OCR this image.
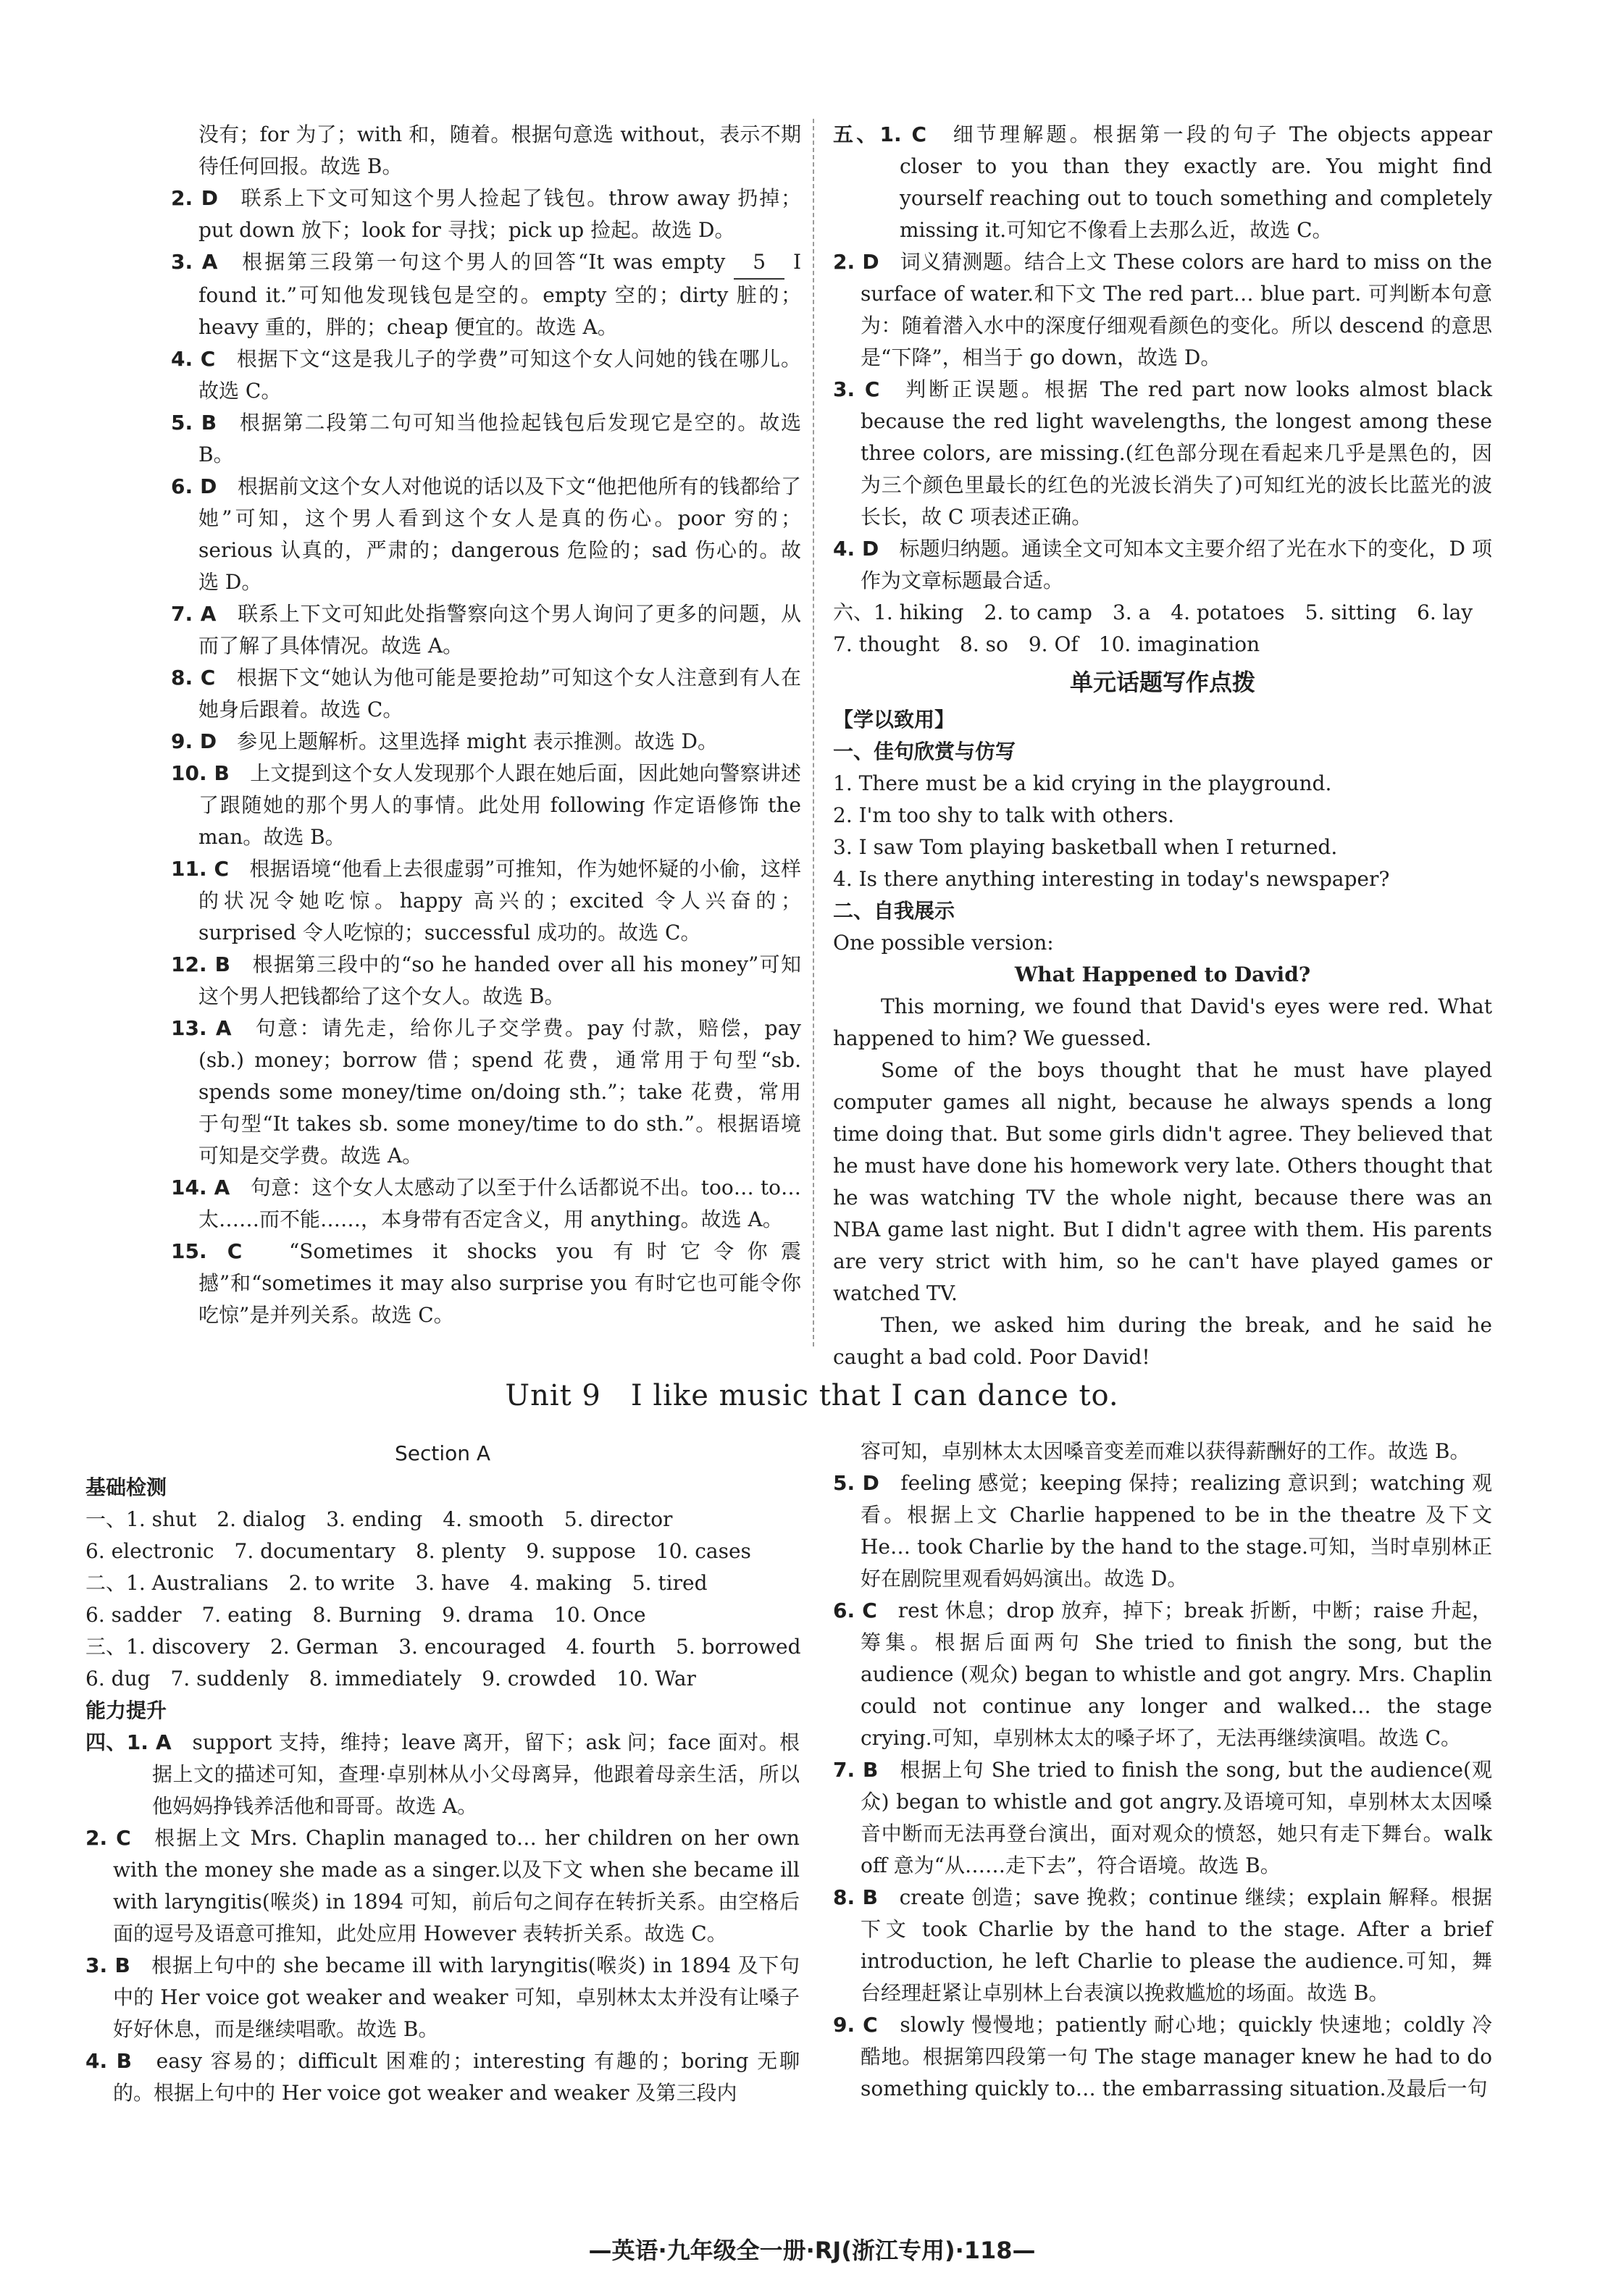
没有；for 为了；with 和，随着。根据句意选 without，表示不期待任何回报。故选 B。

2. D　 联系上下文可知这个男人捡起了钱包。throw away 扔掉；put down 放下；look for 寻找；pick up 捡起。故选 D。

3. A　 根据第三段第一句这个男人的回答“It was empty 5 I found it.”可知他发现钱包是空的。empty 空的；dirty 脏的；heavy 重的，胖的；cheap 便宜的。故选 A。

4. C　 根据下文“这是我儿子的学费”可知这个女人问她的钱在哪儿。故选 C。

5. B　 根据第二段第二句可知当他捡起钱包后发现它是空的。故选 B。

6. D　 根据前文这个女人对他说的话以及下文“他把他所有的钱都给了她”可知，这个男人看到这个女人是真的伤心。poor 穷的；serious 认真的，严肃的；dangerous 危险的；sad 伤心的。故选 D。

7. A　 联系上下文可知此处指警察向这个男人询问了更多的问题，从而了解了具体情况。故选 A。

8. C　 根据下文“她认为他可能是要抢劫”可知这个女人注意到有人在她身后跟着。故选 C。

9. D　 参见上题解析。这里选择 might 表示推测。故选 D。

10. B　 上文提到这个女人发现那个人跟在她后面，因此她向警察讲述了跟随她的那个男人的事情。此处用 following 作定语修饰 the man。故选 B。

11. C　 根据语境“他看上去很虚弱”可推知，作为她怀疑的小偷，这样的状况令她吃惊。happy 高兴的；excited 令人兴奋的；surprised 令人吃惊的；successful 成功的。故选 C。

12. B　 根据第三段中的“so he handed over all his money”可知这个男人把钱都给了这个女人。故选 B。

13. A　 句意：请先走，给你儿子交学费。pay 付款，赔偿，pay (sb.) money；borrow 借；spend 花费，通常用于句型“sb. spends some money/time on/doing sth.”；take 花费，常用于句型“It takes sb. some money/time to do sth.”。根据语境可知是交学费。故选 A。

14. A　 句意：这个女人太感动了以至于什么话都说不出。too… to… 太……而不能……，本身带有否定含义，用 anything。故选 A。

15. C　 “Sometimes it shocks you 有时它令你震撼”和“sometimes it may also surprise you 有时它也可能令你吃惊”是并列关系。故选 C。

五、1. C　 细节理解题。根据第一段的句子 The objects appear closer to you than they exactly are. You might find yourself reaching out to touch something and completely missing it.可知它不像看上去那么近，故选 C。

2. D　 词义猜测题。结合上文 These colors are hard to miss on the surface of water.和下文 The red part… blue part. 可判断本句意为：随着潜入水中的深度仔细观看颜色的变化。所以 descend 的意思是“下降”，相当于 go down，故选 D。

3. C　 判断正误题。根据 The red part now looks almost black because the red light wavelengths, the longest among these three colors, are missing.(红色部分现在看起来几乎是黑色的，因为三个颜色里最长的红色的光波长消失了)可知红光的波长比蓝光的波长长，故 C 项表述正确。

4. D　 标题归纳题。通读全文可知本文主要介绍了光在水下的变化，D 项作为文章标题最合适。

六、1. hiking　2. to camp　3. a　4. potatoes　5. sitting　6. lay

7. thought　8. so　9. Of　10. imagination

单元话题写作点拨

【学以致用】

一、佳句欣赏与仿写

1. There must be a kid crying in the playground.

2. I'm too shy to talk with others.

3. I saw Tom playing basketball when I returned.

4. Is there anything interesting in today's newspaper?

二、自我展示

One possible version:

What Happened to David?

This morning, we found that David's eyes were red. What happened to him? We guessed.

Some of the boys thought that he must have played computer games all night, because he always spends a long time doing that. But some girls didn't agree. They believed that he must have done his homework very late. Others thought that he was watching TV the whole night, because there was an NBA game last night. But I didn't agree with them. His parents are very strict with him, so he can't have played games or watched TV.

Then, we asked him during the break, and he said he caught a bad cold. Poor David!

Unit 9　I like music that I can dance to.

Section A

基础检测

一、1. shut　2. dialog　3. ending　4. smooth　5. director

6. electronic　7. documentary　8. plenty　9. suppose　10. cases

二、1. Australians　2. to write　3. have　4. making　5. tired

6. sadder　7. eating　8. Burning　9. drama　10. Once

三、1. discovery　2. German　3. encouraged　4. fourth　5. borrowed

6. dug　7. suddenly　8. immediately　9. crowded　10. War

能力提升

四、1. A　 support 支持，维持；leave 离开，留下；ask 问；face 面对。根据上文的描述可知，查理·卓别林从小父母离异，他跟着母亲生活，所以他妈妈挣钱养活他和哥哥。故选 A。

2. C　 根据上文 Mrs. Chaplin managed to… her children on her own with the money she made as a singer.以及下文 when she became ill with laryngitis(喉炎) in 1894 可知，前后句之间存在转折关系。由空格后面的逗号及语意可推知，此处应用 However 表转折关系。故选 C。

3. B　 根据上句中的 she became ill with laryngitis(喉炎) in 1894 及下句中的 Her voice got weaker and weaker 可知，卓别林太太并没有让嗓子好好休息，而是继续唱歌。故选 B。

4. B　 easy 容易的；difficult 困难的；interesting 有趣的；boring 无聊的。根据上句中的 Her voice got weaker and weaker 及第三段内

容可知，卓别林太太因嗓音变差而难以获得薪酬好的工作。故选 B。

5. D　 feeling 感觉；keeping 保持；realizing 意识到；watching 观看。根据上文 Charlie happened to be in the theatre 及下文 He… took Charlie by the hand to the stage.可知，当时卓别林正好在剧院里观看妈妈演出。故选 D。

6. C　 rest 休息；drop 放弃，掉下；break 折断，中断；raise 升起，筹集。根据后面两句 She tried to finish the song, but the audience (观众) began to whistle and got angry. Mrs. Chaplin could not continue any longer and walked… the stage crying.可知，卓别林太太的嗓子坏了，无法再继续演唱。故选 C。

7. B　 根据上句 She tried to finish the song, but the audience(观众) began to whistle and got angry.及语境可知，卓别林太太因嗓音中断而无法再登台演出，面对观众的愤怒，她只有走下舞台。walk off 意为“从……走下去”，符合语境。故选 B。

8. B　 create 创造；save 挽救；continue 继续；explain 解释。根据下文 took Charlie by the hand to the stage. After a brief introduction, he left Charlie to please the audience.可知，舞台经理赶紧让卓别林上台表演以挽救尴尬的场面。故选 B。

9. C　 slowly 慢慢地；patiently 耐心地；quickly 快速地；coldly 冷酷地。根据第四段第一句 The stage manager knew he had to do something quickly to… the embarrassing situation.及最后一句

—英语·九年级全一册·RJ(浙江专用)·118—
